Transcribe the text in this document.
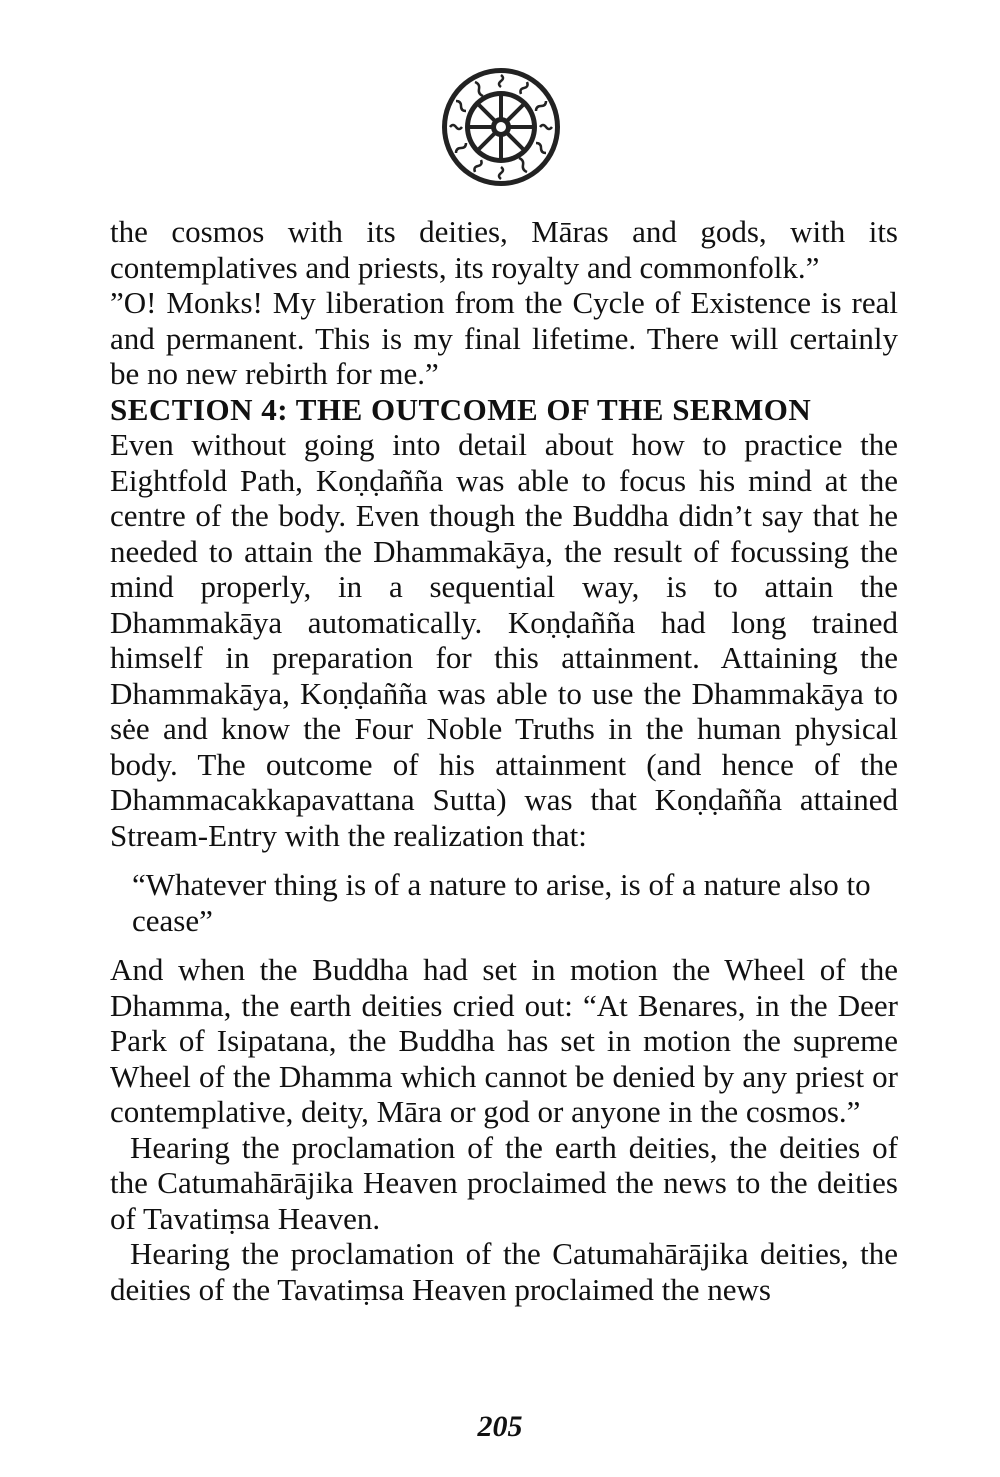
the cosmos with its deities, Māras and gods, with its contemplatives and priests, its royalty and commonfolk.”

”O! Monks! My liberation from the Cycle of Existence is real and permanent. This is my final lifetime. There will certainly be no new rebirth for me.”

SECTION 4: THE OUTCOME OF THE SERMON

Even without going into detail about how to practice the Eightfold Path, Koṇḍañña was able to focus his mind at the centre of the body. Even though the Buddha didn’t say that he needed to attain the Dhammakāya, the result of focussing the mind properly, in a sequential way, is to attain the Dhammakāya automatically. Koṇḍañña had long trained himself in preparation for this attainment. Attaining the Dhammakāya, Koṇḍañña was able to use the Dhammakāya to sėe and know the Four Noble Truths in the human physical body. The outcome of his attainment (and hence of the Dhammacakkapavattana Sutta) was that Koṇḍañña attained Stream-Entry with the realization that:

“Whatever thing is of a nature to arise, is of a nature also to cease”

And when the Buddha had set in motion the Wheel of the Dhamma, the earth deities cried out: “At Benares, in the Deer Park of Isipatana, the Buddha has set in motion the supreme Wheel of the Dhamma which cannot be denied by any priest or contemplative, deity, Māra or god or anyone in the cosmos.”

Hearing the proclamation of the earth deities, the deities of the Catumahārājika Heaven proclaimed the news to the deities of Tavatiṃsa Heaven.

Hearing the proclamation of the Catumahārājika deities, the deities of the Tavatiṃsa Heaven proclaimed the news

205
